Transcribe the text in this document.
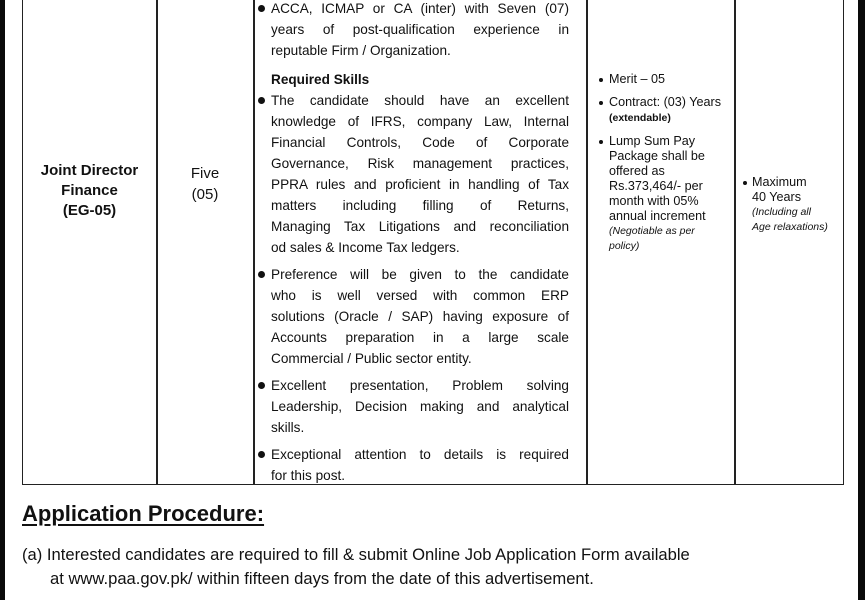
Joint Director
Finance
(EG-05)
Five
(05)
ACCA, ICMAP or CA (inter) with Seven (07)
years of post-qualification experience in
reputable Firm / Organization.
Required Skills
The candidate should have an excellent
knowledge of IFRS, company Law, Internal
Financial Controls, Code of Corporate
Governance, Risk management practices,
PPRA rules and proficient in handling of Tax
matters including filling of Returns,
Managing Tax Litigations and reconciliation
od sales & Income Tax ledgers.
Preference will be given to the candidate
who is well versed with common ERP
solutions (Oracle / SAP) having exposure of
Accounts preparation in a large scale
Commercial / Public sector entity.
Excellent presentation, Problem solving
Leadership, Decision making and analytical
skills.
Exceptional attention to details is required
for this post.
Merit – 05
Contract: (03) Years
(extendable)
Lump Sum Pay
Package shall be
offered as
Rs.373,464/- per
month with 05%
annual increment
(Negotiable as per
policy)
Maximum
40 Years
(Including all
Age relaxations)
Application Procedure:
(a) Interested candidates are required to fill & submit Online Job Application Form available
at www.paa.gov.pk/ within fifteen days from the date of this advertisement.
